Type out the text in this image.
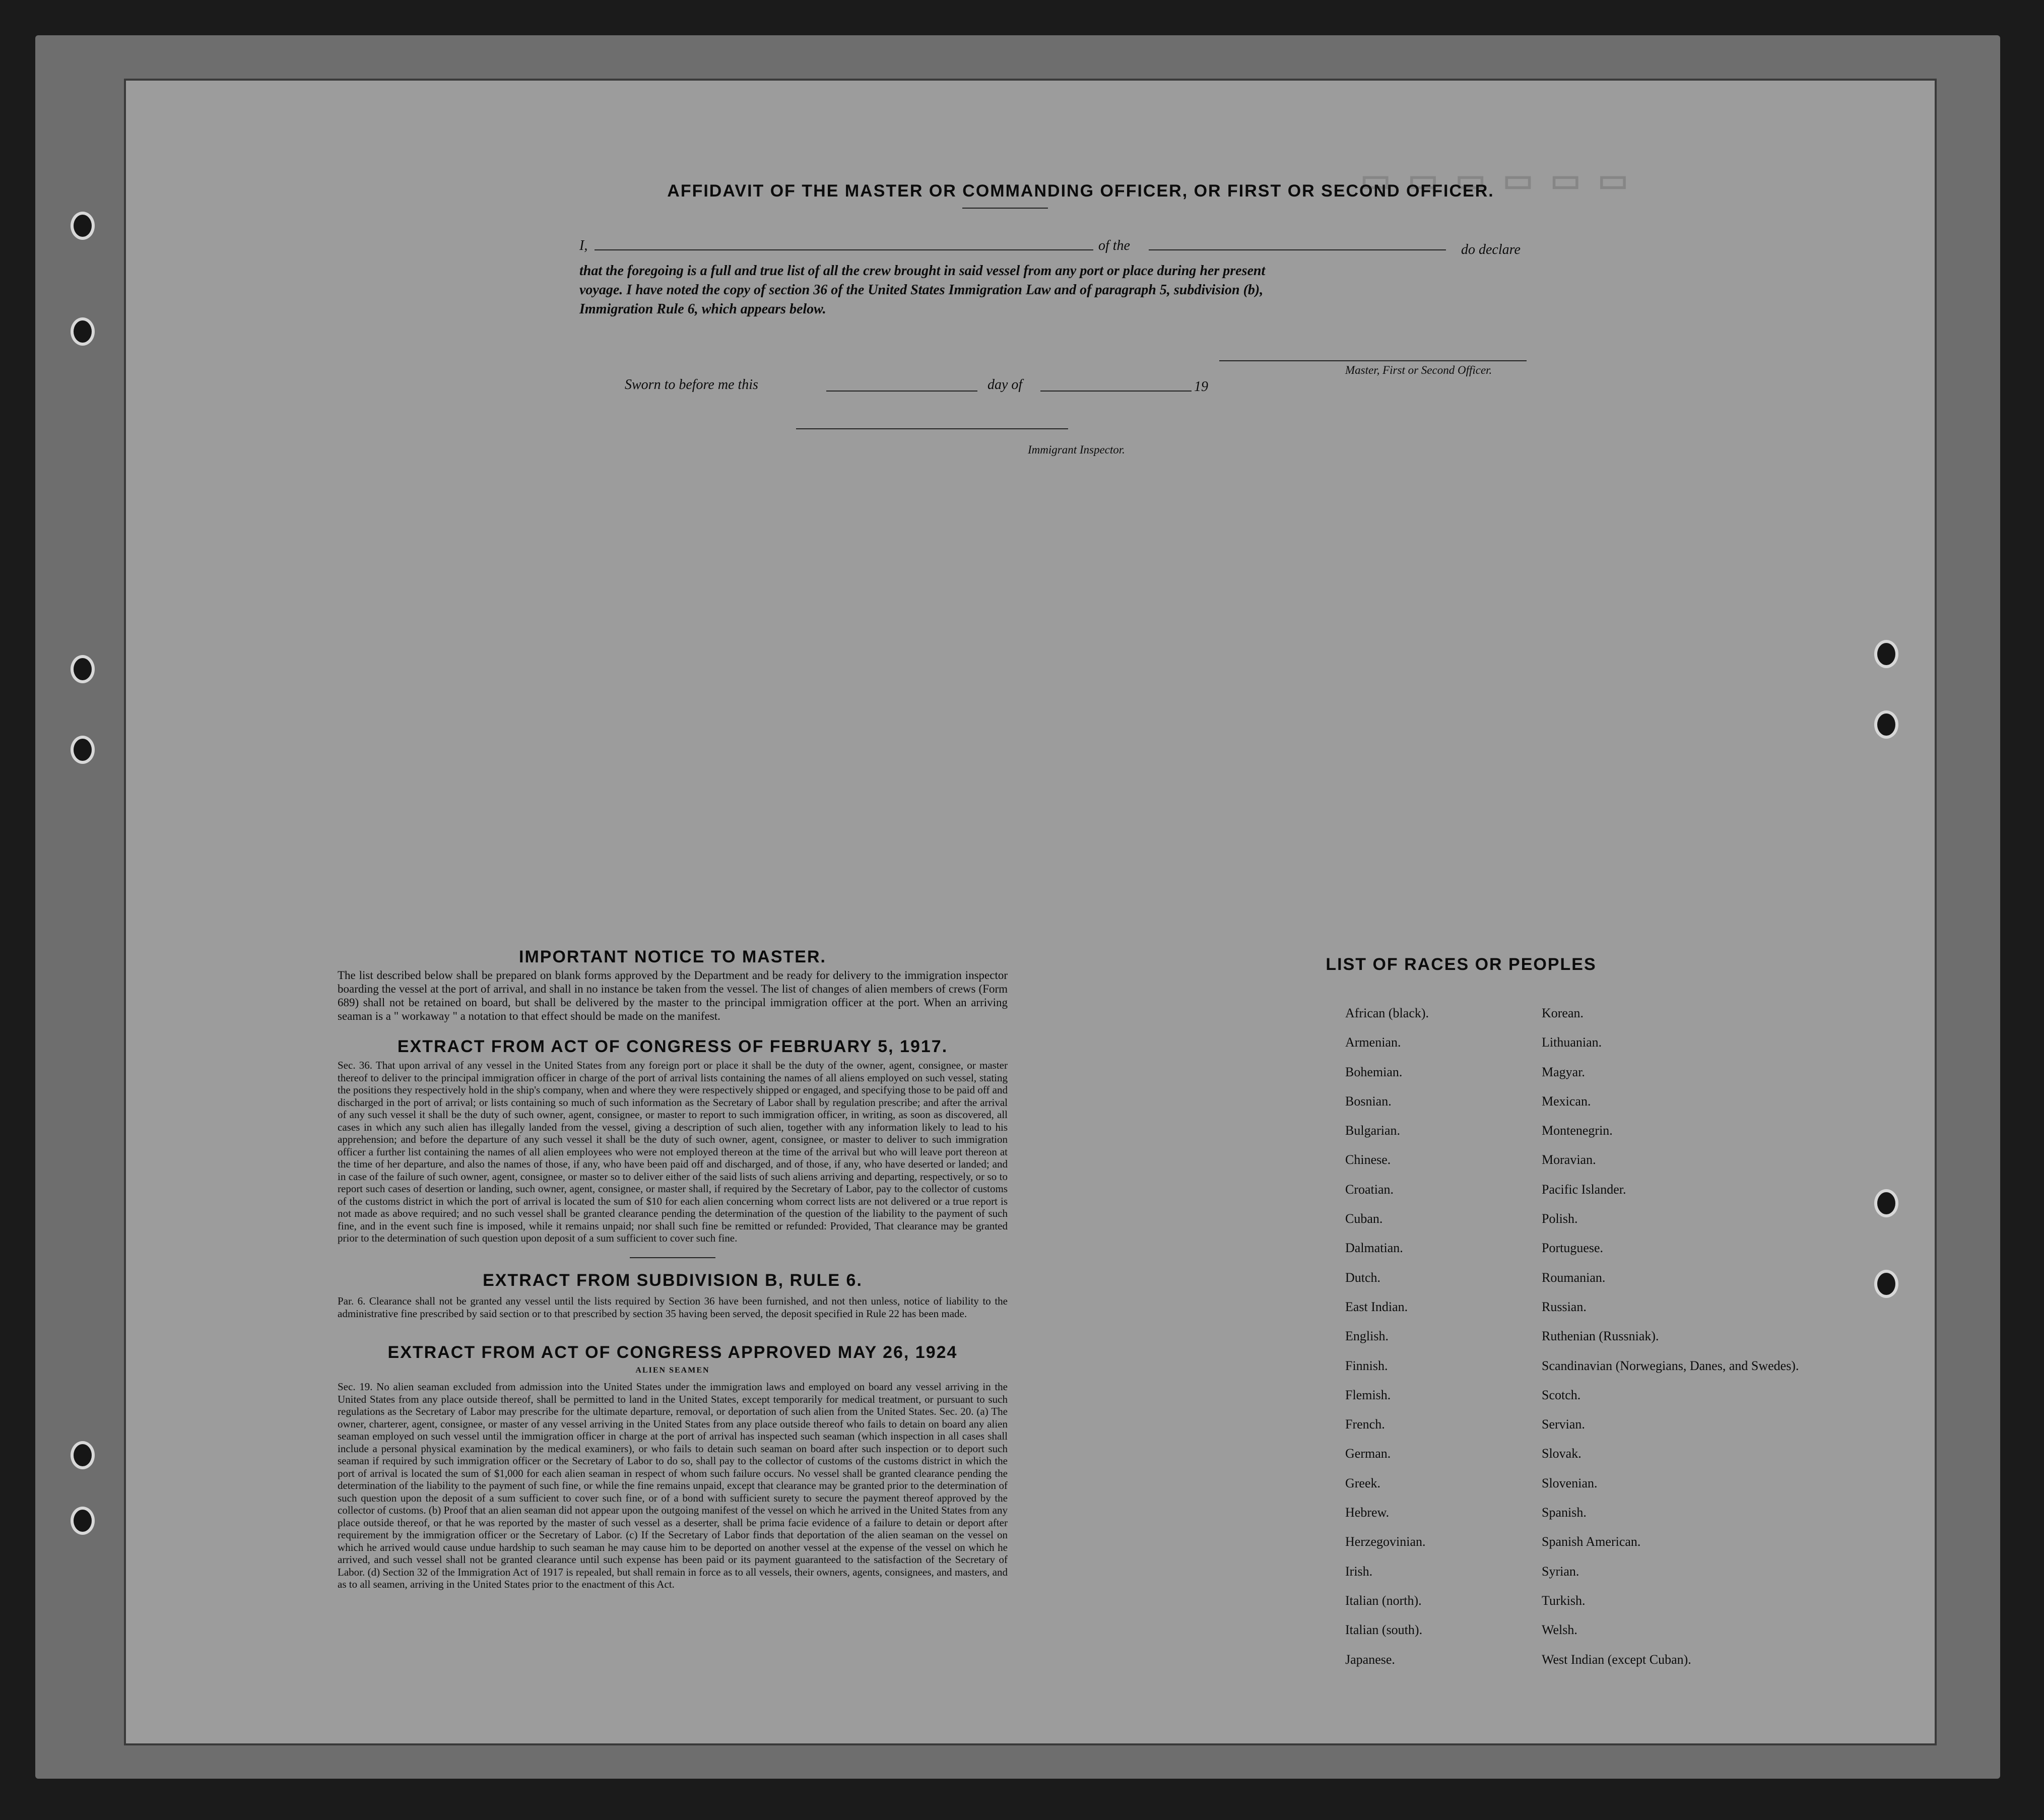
▭ ▭ ▭ ▭ ▭ ▭
AFFIDAVIT OF THE MASTER OR COMMANDING OFFICER, OR FIRST OR SECOND OFFICER.
I,	of the	do declare
that the foregoing is a full and true list of all the crew brought in said vessel from any port or place during her present
voyage. I have noted the copy of section 36 of the United States Immigration Law and of paragraph 5, subdivision (b),
Immigration Rule 6, which appears below.
Master, First or Second Officer.
Sworn to before me this	day of	19
Immigrant Inspector.
IMPORTANT NOTICE TO MASTER.
The list described below shall be prepared on blank forms approved by the Department and be ready for delivery to the immigration inspector boarding the vessel at the port of arrival, and shall in no instance be taken from the vessel. The list of changes of alien members of crews (Form 689) shall not be retained on board, but shall be delivered by the master to the principal immigration officer at the port. When an arriving seaman is a " workaway " a notation to that effect should be made on the manifest.
EXTRACT FROM ACT OF CONGRESS OF FEBRUARY 5, 1917.
Sec. 36. That upon arrival of any vessel in the United States from any foreign port or place it shall be the duty of the owner, agent, consignee, or master thereof to deliver to the principal immigration officer in charge of the port of arrival lists containing the names of all aliens employed on such vessel, stating the positions they respectively hold in the ship's company, when and where they were respectively shipped or engaged, and specifying those to be paid off and discharged in the port of arrival; or lists containing so much of such information as the Secretary of Labor shall by regulation prescribe; and after the arrival of any such vessel it shall be the duty of such owner, agent, consignee, or master to report to such immigration officer, in writing, as soon as discovered, all cases in which any such alien has illegally landed from the vessel, giving a description of such alien, together with any information likely to lead to his apprehension; and before the departure of any such vessel it shall be the duty of such owner, agent, consignee, or master to deliver to such immigration officer a further list containing the names of all alien employees who were not employed thereon at the time of the arrival but who will leave port thereon at the time of her departure, and also the names of those, if any, who have been paid off and discharged, and of those, if any, who have deserted or landed; and in case of the failure of such owner, agent, consignee, or master so to deliver either of the said lists of such aliens arriving and departing, respectively, or so to report such cases of desertion or landing, such owner, agent, consignee, or master shall, if required by the Secretary of Labor, pay to the collector of customs of the customs district in which the port of arrival is located the sum of $10 for each alien concerning whom correct lists are not delivered or a true report is not made as above required; and no such vessel shall be granted clearance pending the determination of the question of the liability to the payment of such fine, and in the event such fine is imposed, while it remains unpaid; nor shall such fine be remitted or refunded: Provided, That clearance may be granted prior to the determination of such question upon deposit of a sum sufficient to cover such fine.
EXTRACT FROM SUBDIVISION B, RULE 6.
Par. 6. Clearance shall not be granted any vessel until the lists required by Section 36 have been furnished, and not then unless, notice of liability to the administrative fine prescribed by said section or to that prescribed by section 35 having been served, the deposit specified in Rule 22 has been made.
EXTRACT FROM ACT OF CONGRESS APPROVED MAY 26, 1924
ALIEN SEAMEN
Sec. 19. No alien seaman excluded from admission into the United States under the immigration laws and employed on board any vessel arriving in the United States from any place outside thereof, shall be permitted to land in the United States, except temporarily for medical treatment, or pursuant to such regulations as the Secretary of Labor may prescribe for the ultimate departure, removal, or deportation of such alien from the United States. Sec. 20. (a) The owner, charterer, agent, consignee, or master of any vessel arriving in the United States from any place outside thereof who fails to detain on board any alien seaman employed on such vessel until the immigration officer in charge at the port of arrival has inspected such seaman (which inspection in all cases shall include a personal physical examination by the medical examiners), or who fails to detain such seaman on board after such inspection or to deport such seaman if required by such immigration officer or the Secretary of Labor to do so, shall pay to the collector of customs of the customs district in which the port of arrival is located the sum of $1,000 for each alien seaman in respect of whom such failure occurs. No vessel shall be granted clearance pending the determination of the liability to the payment of such fine, or while the fine remains unpaid, except that clearance may be granted prior to the determination of such question upon the deposit of a sum sufficient to cover such fine, or of a bond with sufficient surety to secure the payment thereof approved by the collector of customs. (b) Proof that an alien seaman did not appear upon the outgoing manifest of the vessel on which he arrived in the United States from any place outside thereof, or that he was reported by the master of such vessel as a deserter, shall be prima facie evidence of a failure to detain or deport after requirement by the immigration officer or the Secretary of Labor. (c) If the Secretary of Labor finds that deportation of the alien seaman on the vessel on which he arrived would cause undue hardship to such seaman he may cause him to be deported on another vessel at the expense of the vessel on which he arrived, and such vessel shall not be granted clearance until such expense has been paid or its payment guaranteed to the satisfaction of the Secretary of Labor. (d) Section 32 of the Immigration Act of 1917 is repealed, but shall remain in force as to all vessels, their owners, agents, consignees, and masters, and as to all seamen, arriving in the United States prior to the enactment of this Act.
LIST OF RACES OR PEOPLES
African (black).
Armenian.
Bohemian.
Bosnian.
Bulgarian.
Chinese.
Croatian.
Cuban.
Dalmatian.
Dutch.
East Indian.
English.
Finnish.
Flemish.
French.
German.
Greek.
Hebrew.
Herzegovinian.
Irish.
Italian (north).
Italian (south).
Japanese.
Korean.
Lithuanian.
Magyar.
Mexican.
Montenegrin.
Moravian.
Pacific Islander.
Polish.
Portuguese.
Roumanian.
Russian.
Ruthenian (Russniak).
Scandinavian (Norwegians, Danes, and Swedes).
Scotch.
Servian.
Slovak.
Slovenian.
Spanish.
Spanish American.
Syrian.
Turkish.
Welsh.
West Indian (except Cuban).
